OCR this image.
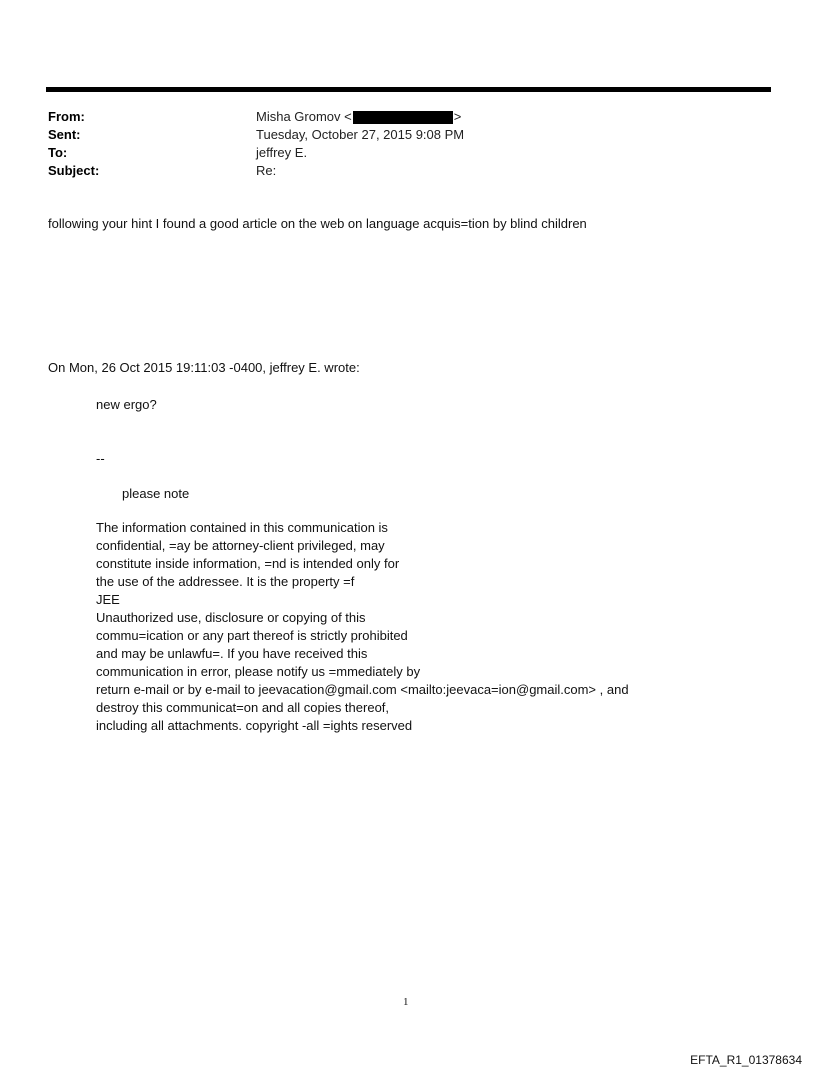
From:	Misha Gromov <	>
Sent:	Tuesday, October 27, 2015 9:08 PM
To:	jeffrey E.
Subject:	Re:
following your hint I found a good article on the web on language acquis=tion by blind children
On Mon, 26 Oct 2015 19:11:03 -0400, jeffrey E. wrote:
new ergo?
--
please note
The information contained in this communication is
confidential, =ay be attorney-client privileged, may
constitute inside information, =nd is intended only for
the use of the addressee. It is the property =f
JEE
Unauthorized use, disclosure or copying of this
commu=ication or any part thereof is strictly prohibited
and may be unlawfu=. If you have received this
communication in error, please notify us =mmediately by
return e-mail or by e-mail to jeevacation@gmail.com <mailto:jeevaca=ion@gmail.com> , and
destroy this communicat=on and all copies thereof,
including all attachments. copyright -all =ights reserved
1
EFTA_R1_01378634
